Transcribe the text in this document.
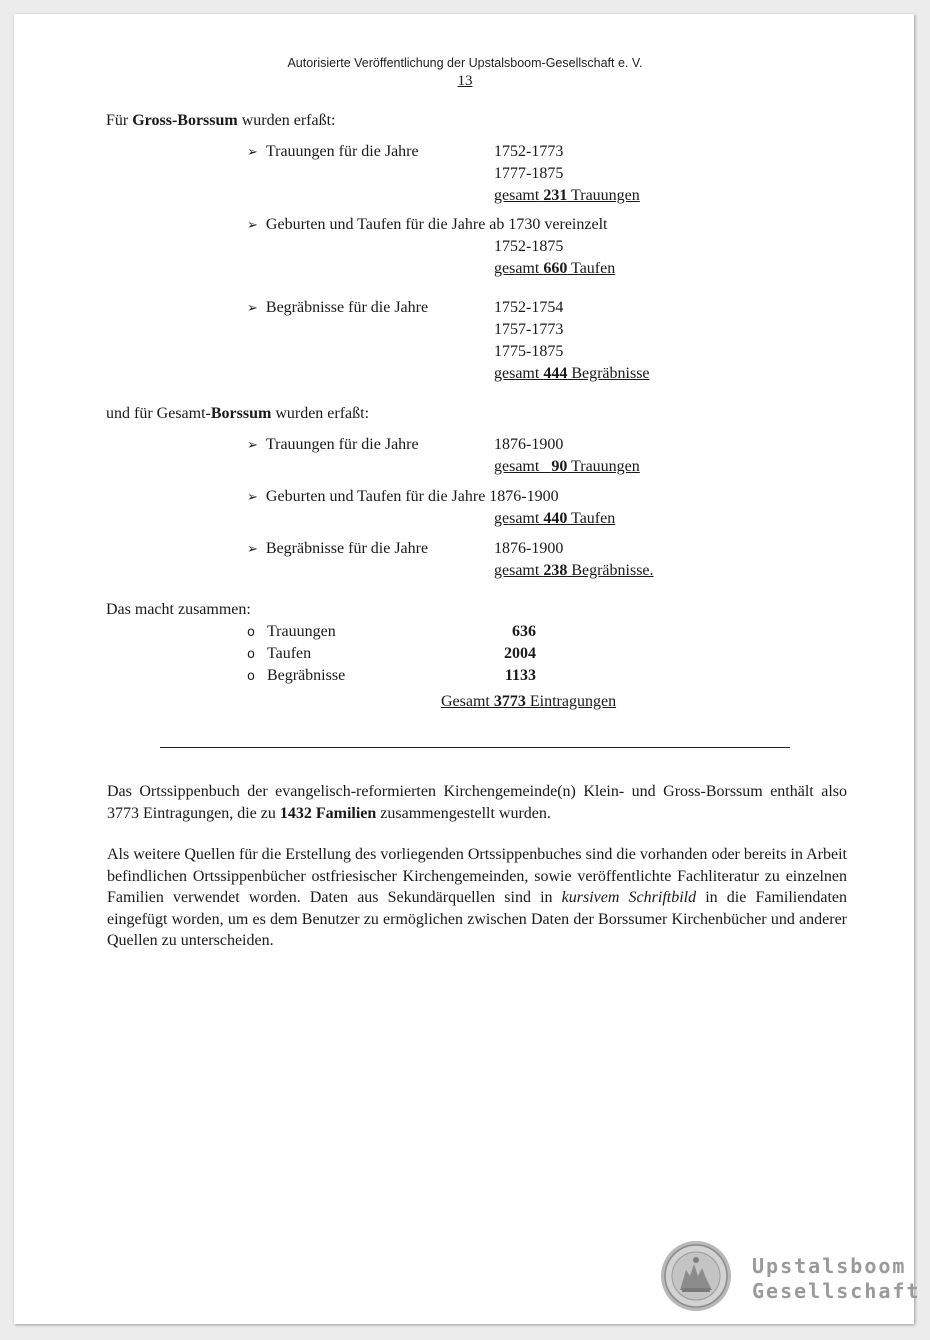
Autorisierte Veröffentlichung der Upstalsboom-Gesellschaft e. V.
13
Für Gross-Borssum wurden erfaßt:
➢ Trauungen für die Jahre	1752-1773
1777-1875
gesamt 231 Trauungen
➢ Geburten und Taufen für die Jahre ab 1730 vereinzelt
1752-1875
gesamt 660 Taufen
➢ Begräbnisse für die Jahre	1752-1754
1757-1773
1775-1875
gesamt 444 Begräbnisse
und für Gesamt-Borssum wurden erfaßt:
➢ Trauungen für die Jahre	1876-1900
gesamt   90 Trauungen
➢ Geburten und Taufen für die Jahre 1876-1900
gesamt 440 Taufen
➢ Begräbnisse für die Jahre	1876-1900
gesamt 238 Begräbnisse.
Das macht zusammen:
o Trauungen	636
o Taufen	2004
o Begräbnisse	1133
Gesamt 3773 Eintragungen
Das Ortssippenbuch der evangelisch-reformierten Kirchengemeinde(n) Klein- und Gross-Borssum enthält also 3773 Eintragungen, die zu 1432 Familien zusammengestellt wurden.
Als weitere Quellen für die Erstellung des vorliegenden Ortssippenbuches sind die vorhanden oder bereits in Arbeit befindlichen Ortssippenbücher ostfriesischer Kirchengemeinden, sowie veröffentlichte Fachliteratur zu einzelnen Familien verwendet worden. Daten aus Sekundärquellen sind in kursivem Schriftbild in die Familiendaten eingefügt worden, um es dem Benutzer zu ermöglichen zwischen Daten der Borssumer Kirchenbücher und anderer Quellen zu unterscheiden.
Upstalsboom
Gesellschaft
